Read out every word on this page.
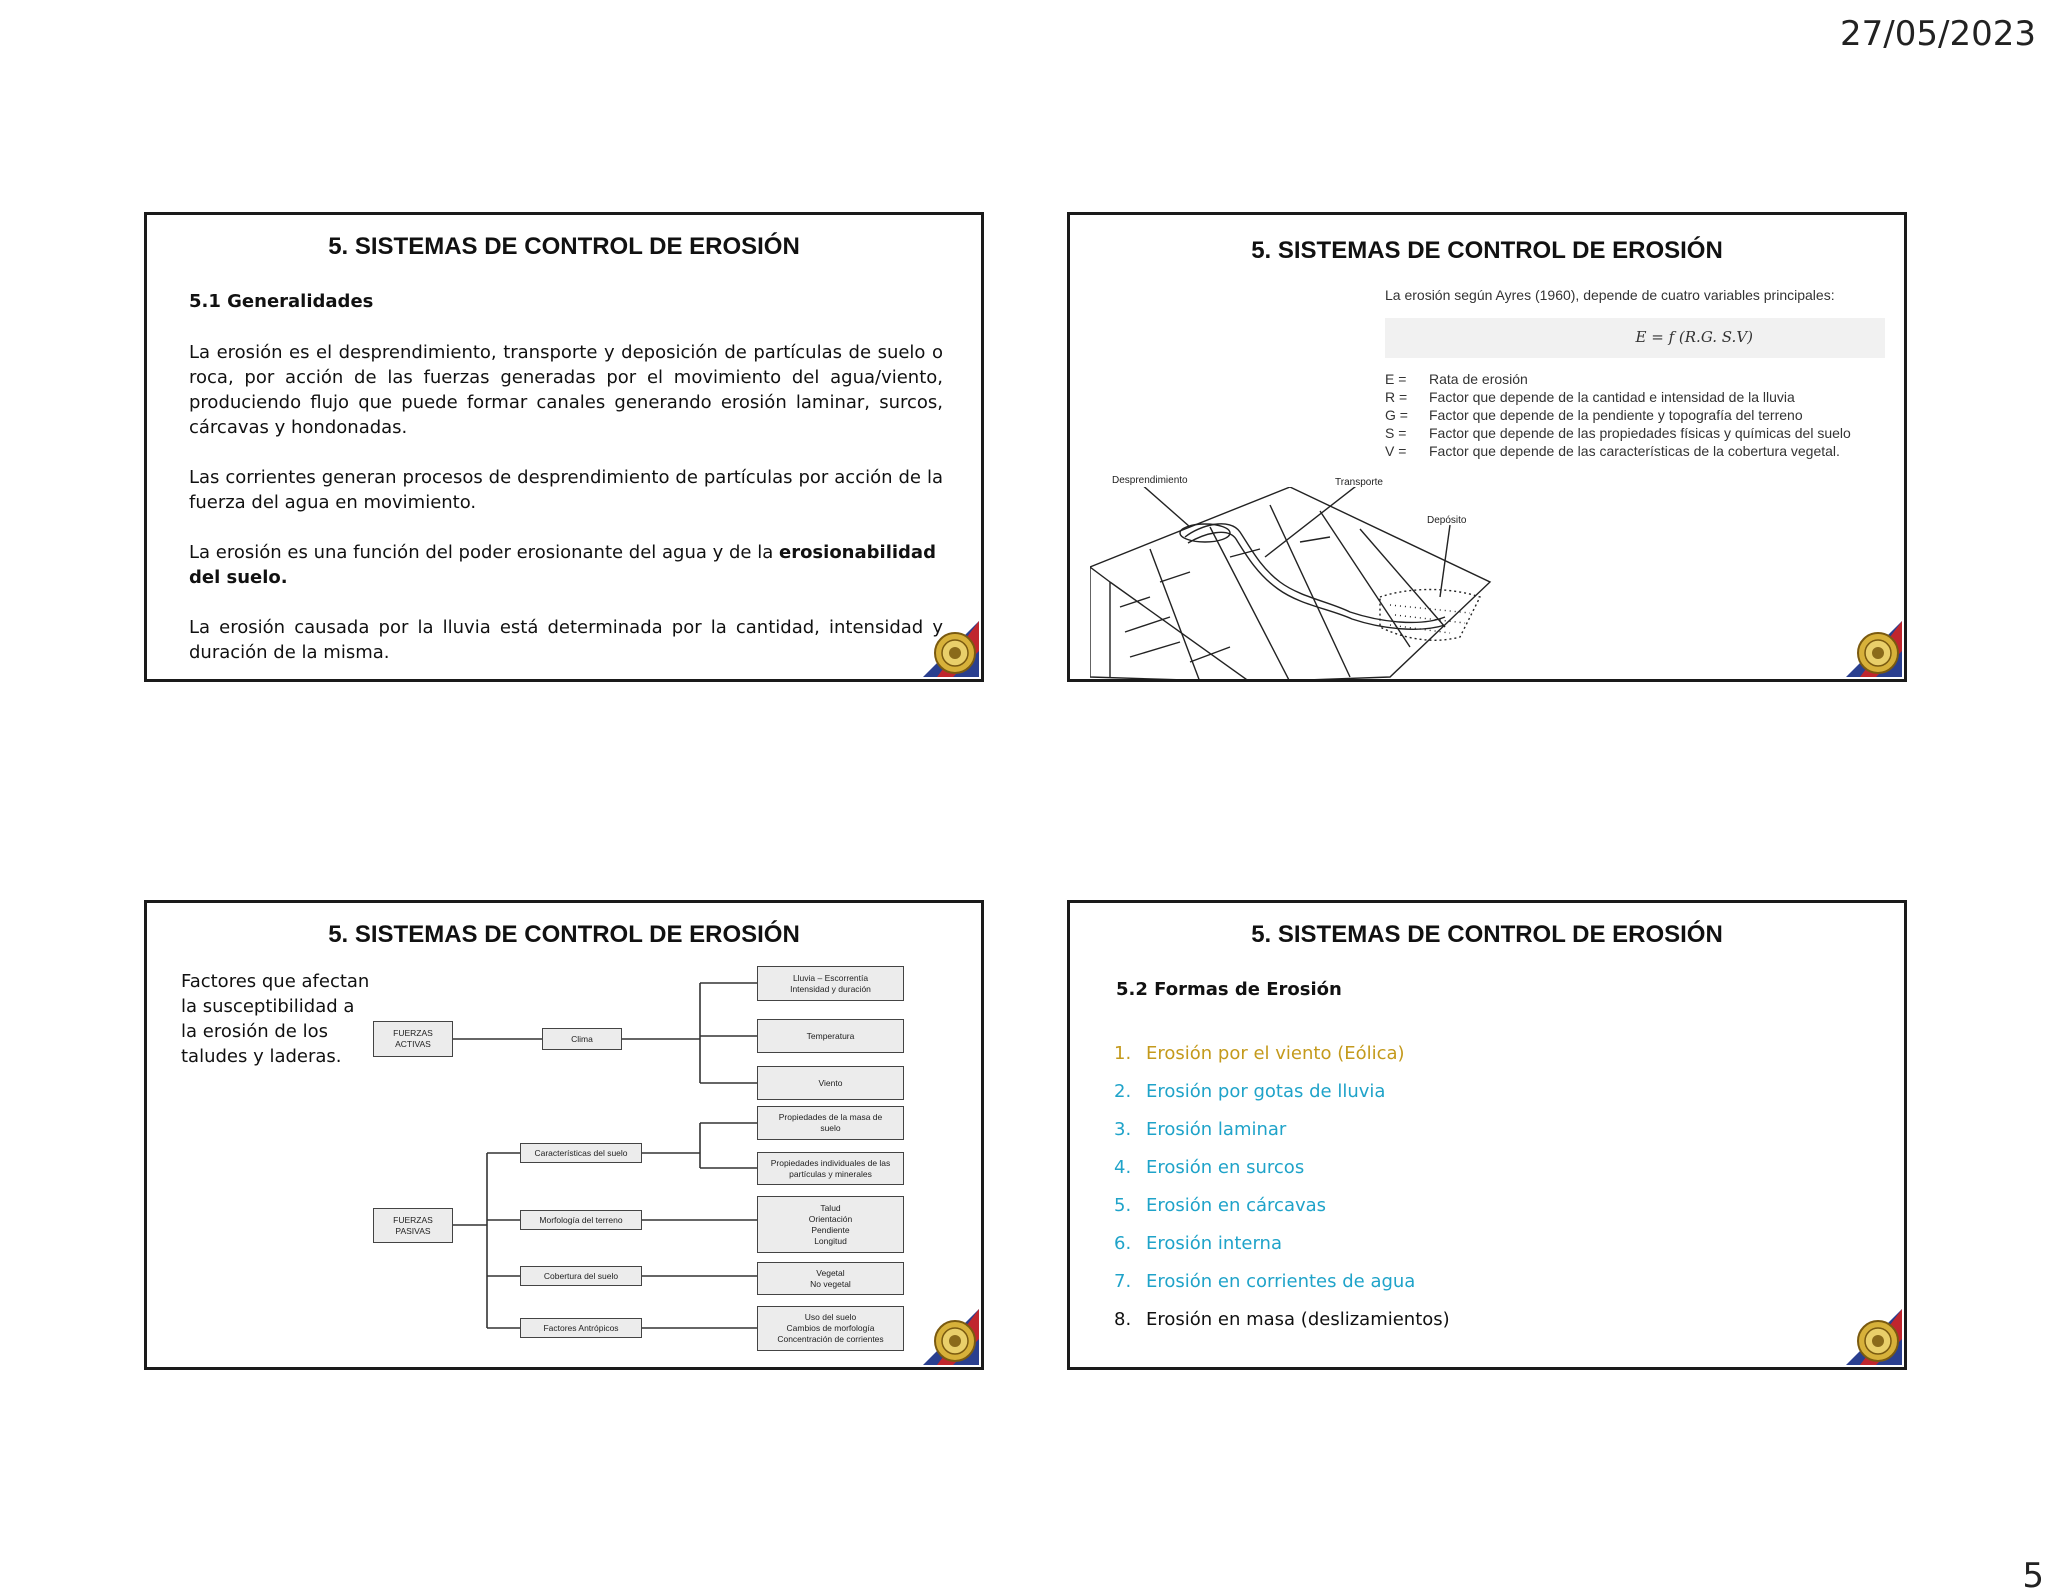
27/05/2023
5. SISTEMAS DE CONTROL DE EROSIÓN
5.1 Generalidades

La erosión es el desprendimiento, transporte y deposición de partículas de suelo o roca, por acción de las fuerzas generadas por el movimiento del agua/viento, produciendo flujo que puede formar canales generando erosión laminar, surcos, cárcavas y hondonadas.

Las corrientes generan procesos de desprendimiento de partículas por acción de la fuerza del agua en movimiento.

La erosión es una función del poder erosionante del agua y de la erosionabilidad del suelo.

La erosión causada por la lluvia está determinada por la cantidad, intensidad y duración de la misma.

5. SISTEMAS DE CONTROL DE EROSIÓN
La erosión según Ayres (1960), depende de cuatro variables principales:
E = f (R.G. S.V)
E =	Rata de erosión
R =	Factor que depende de la cantidad e intensidad de la lluvia
G =	Factor que depende de la pendiente y topografía del terreno
S =	Factor que depende de las propiedades físicas y químicas del suelo
V =	Factor que depende de las características de la cobertura vegetal.
Desprendimiento	Transporte
Depósito
5. SISTEMAS DE CONTROL DE EROSIÓN
Factores que afectan la susceptibilidad a la erosión de los taludes y laderas.
FUERZAS
ACTIVAS
Clima
Lluvia – Escorrentía
Intensidad y duración
Temperatura
Viento
FUERZAS
PASIVAS
Características del suelo
Propiedades de la masa de
suelo
Propiedades individuales de las
partículas y minerales
Morfología del terreno
Talud
Orientación
Pendiente
Longitud
Cobertura del suelo	Vegetal
No vegetal
Factores Antrópicos
Uso del suelo
Cambios de morfología
Concentración de corrientes
5. SISTEMAS DE CONTROL DE EROSIÓN
5.2 Formas de Erosión
1. Erosión por el viento (Eólica)
2. Erosión por gotas de lluvia
3. Erosión laminar
4. Erosión en surcos
5. Erosión en cárcavas
6. Erosión interna
7. Erosión en corrientes de agua
8. Erosión en masa (deslizamientos)
5
